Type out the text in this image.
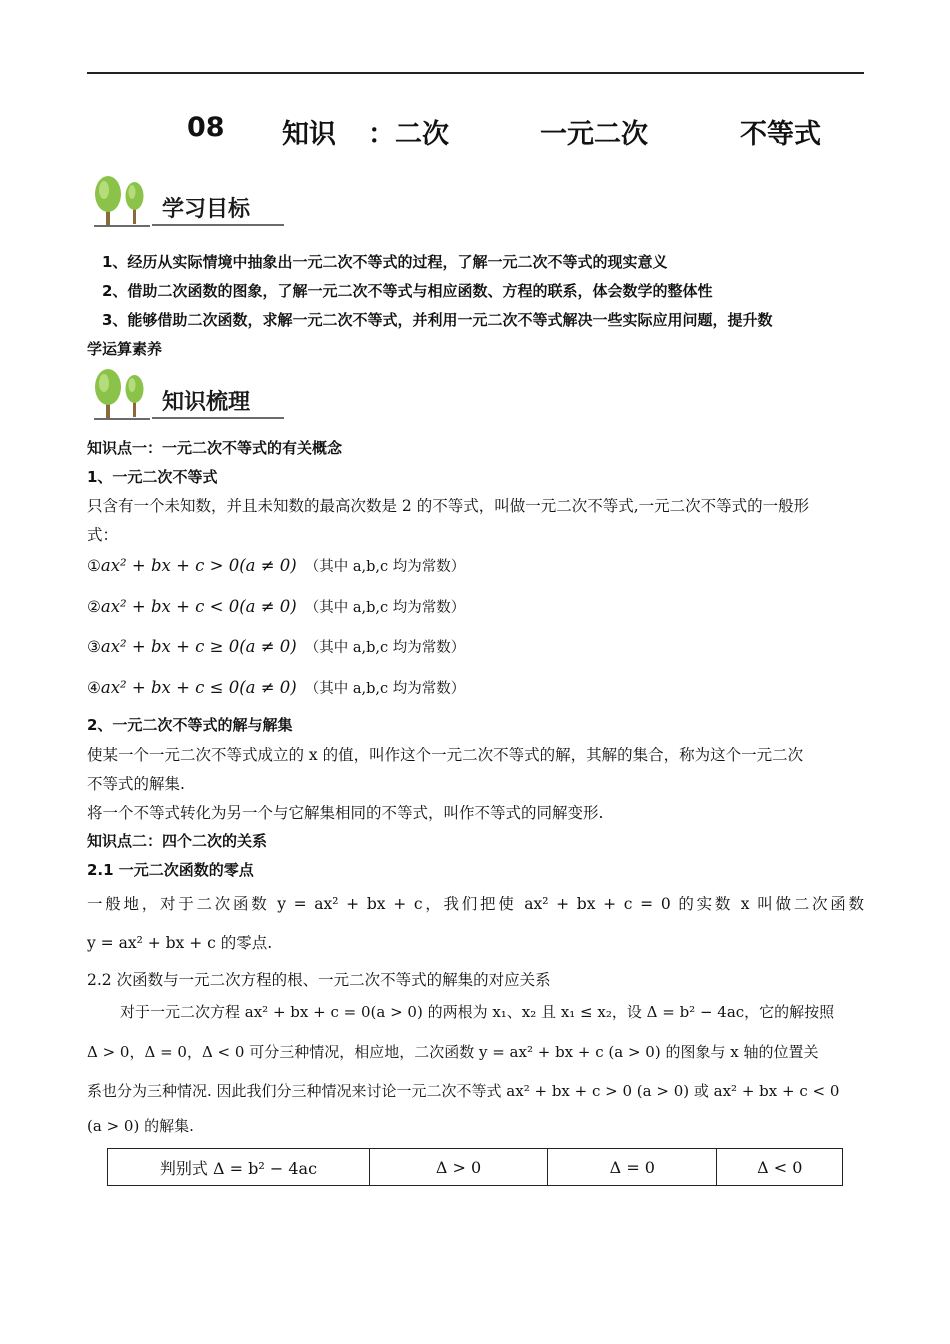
08 知识 ：二次	一元二次	不等式
学习目标
1、经历从实际情境中抽象出一元二次不等式的过程，了解一元二次不等式的现实意义
2、借助二次函数的图象，了解一元二次不等式与相应函数、方程的联系，体会数学的整体性
3、能够借助二次函数，求解一元二次不等式，并利用一元二次不等式解决一些实际应用问题，提升数
学运算素养
知识梳理
知识点一：一元二次不等式的有关概念
1、一元二次不等式
只含有一个未知数，并且未知数的最高次数是 2 的不等式，叫做一元二次不等式,一元二次不等式的一般形
式：
①ax² + bx + c > 0(a ≠ 0) （其中 a,b,c 均为常数）
②ax² + bx + c < 0(a ≠ 0) （其中 a,b,c 均为常数）
③ax² + bx + c ≥ 0(a ≠ 0) （其中 a,b,c 均为常数）
④ax² + bx + c ≤ 0(a ≠ 0) （其中 a,b,c 均为常数）
2、一元二次不等式的解与解集
使某一个一元二次不等式成立的 x 的值，叫作这个一元二次不等式的解，其解的集合，称为这个一元二次
不等式的解集.
将一个不等式转化为另一个与它解集相同的不等式，叫作不等式的同解变形.
知识点二：四个二次的关系
2.1 一元二次函数的零点
一般地，对于二次函数 y = ax² + bx + c，我们把使 ax² + bx + c = 0 的实数 x 叫做二次函数
y = ax² + bx + c 的零点.
2.2 次函数与一元二次方程的根、一元二次不等式的解集的对应关系
对于一元二次方程 ax² + bx + c = 0(a > 0) 的两根为 x₁、x₂ 且 x₁ ≤ x₂，设 Δ = b² − 4ac，它的解按照
Δ > 0，Δ = 0，Δ < 0 可分三种情况，相应地，二次函数 y = ax² + bx + c (a > 0) 的图象与 x 轴的位置关
系也分为三种情况. 因此我们分三种情况来讨论一元二次不等式 ax² + bx + c > 0 (a > 0) 或 ax² + bx + c < 0
(a > 0) 的解集.
判别式 Δ = b² − 4ac	Δ > 0	Δ = 0	Δ < 0
